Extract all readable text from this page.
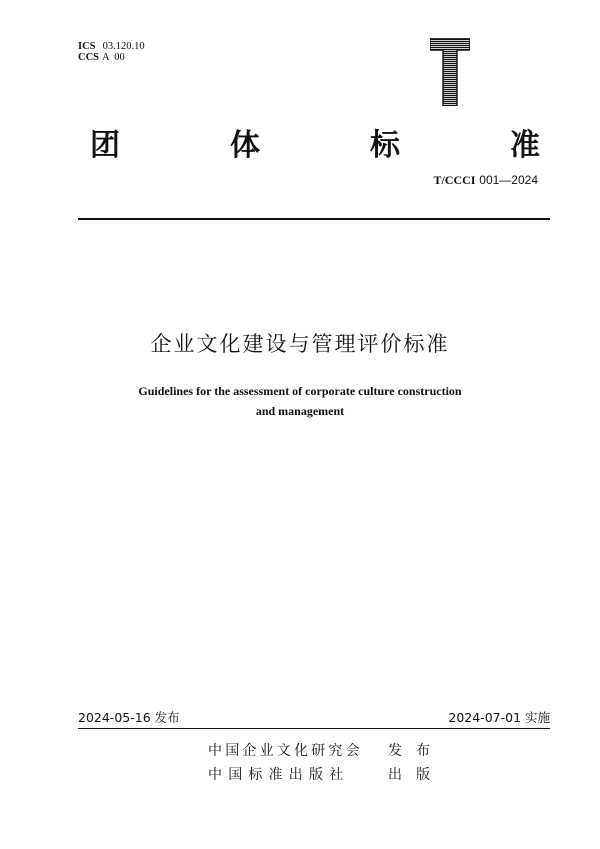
ICS 03.120.10
CCS A  00
团	体	标	准
T/CCCI 001—2024
企业文化建设与管理评价标准
Guidelines for the assessment of corporate culture construction
and management
2024-05-16 发布	2024-07-01 实施
中国企业文化研究会 发布
中国标准出版社	出版
